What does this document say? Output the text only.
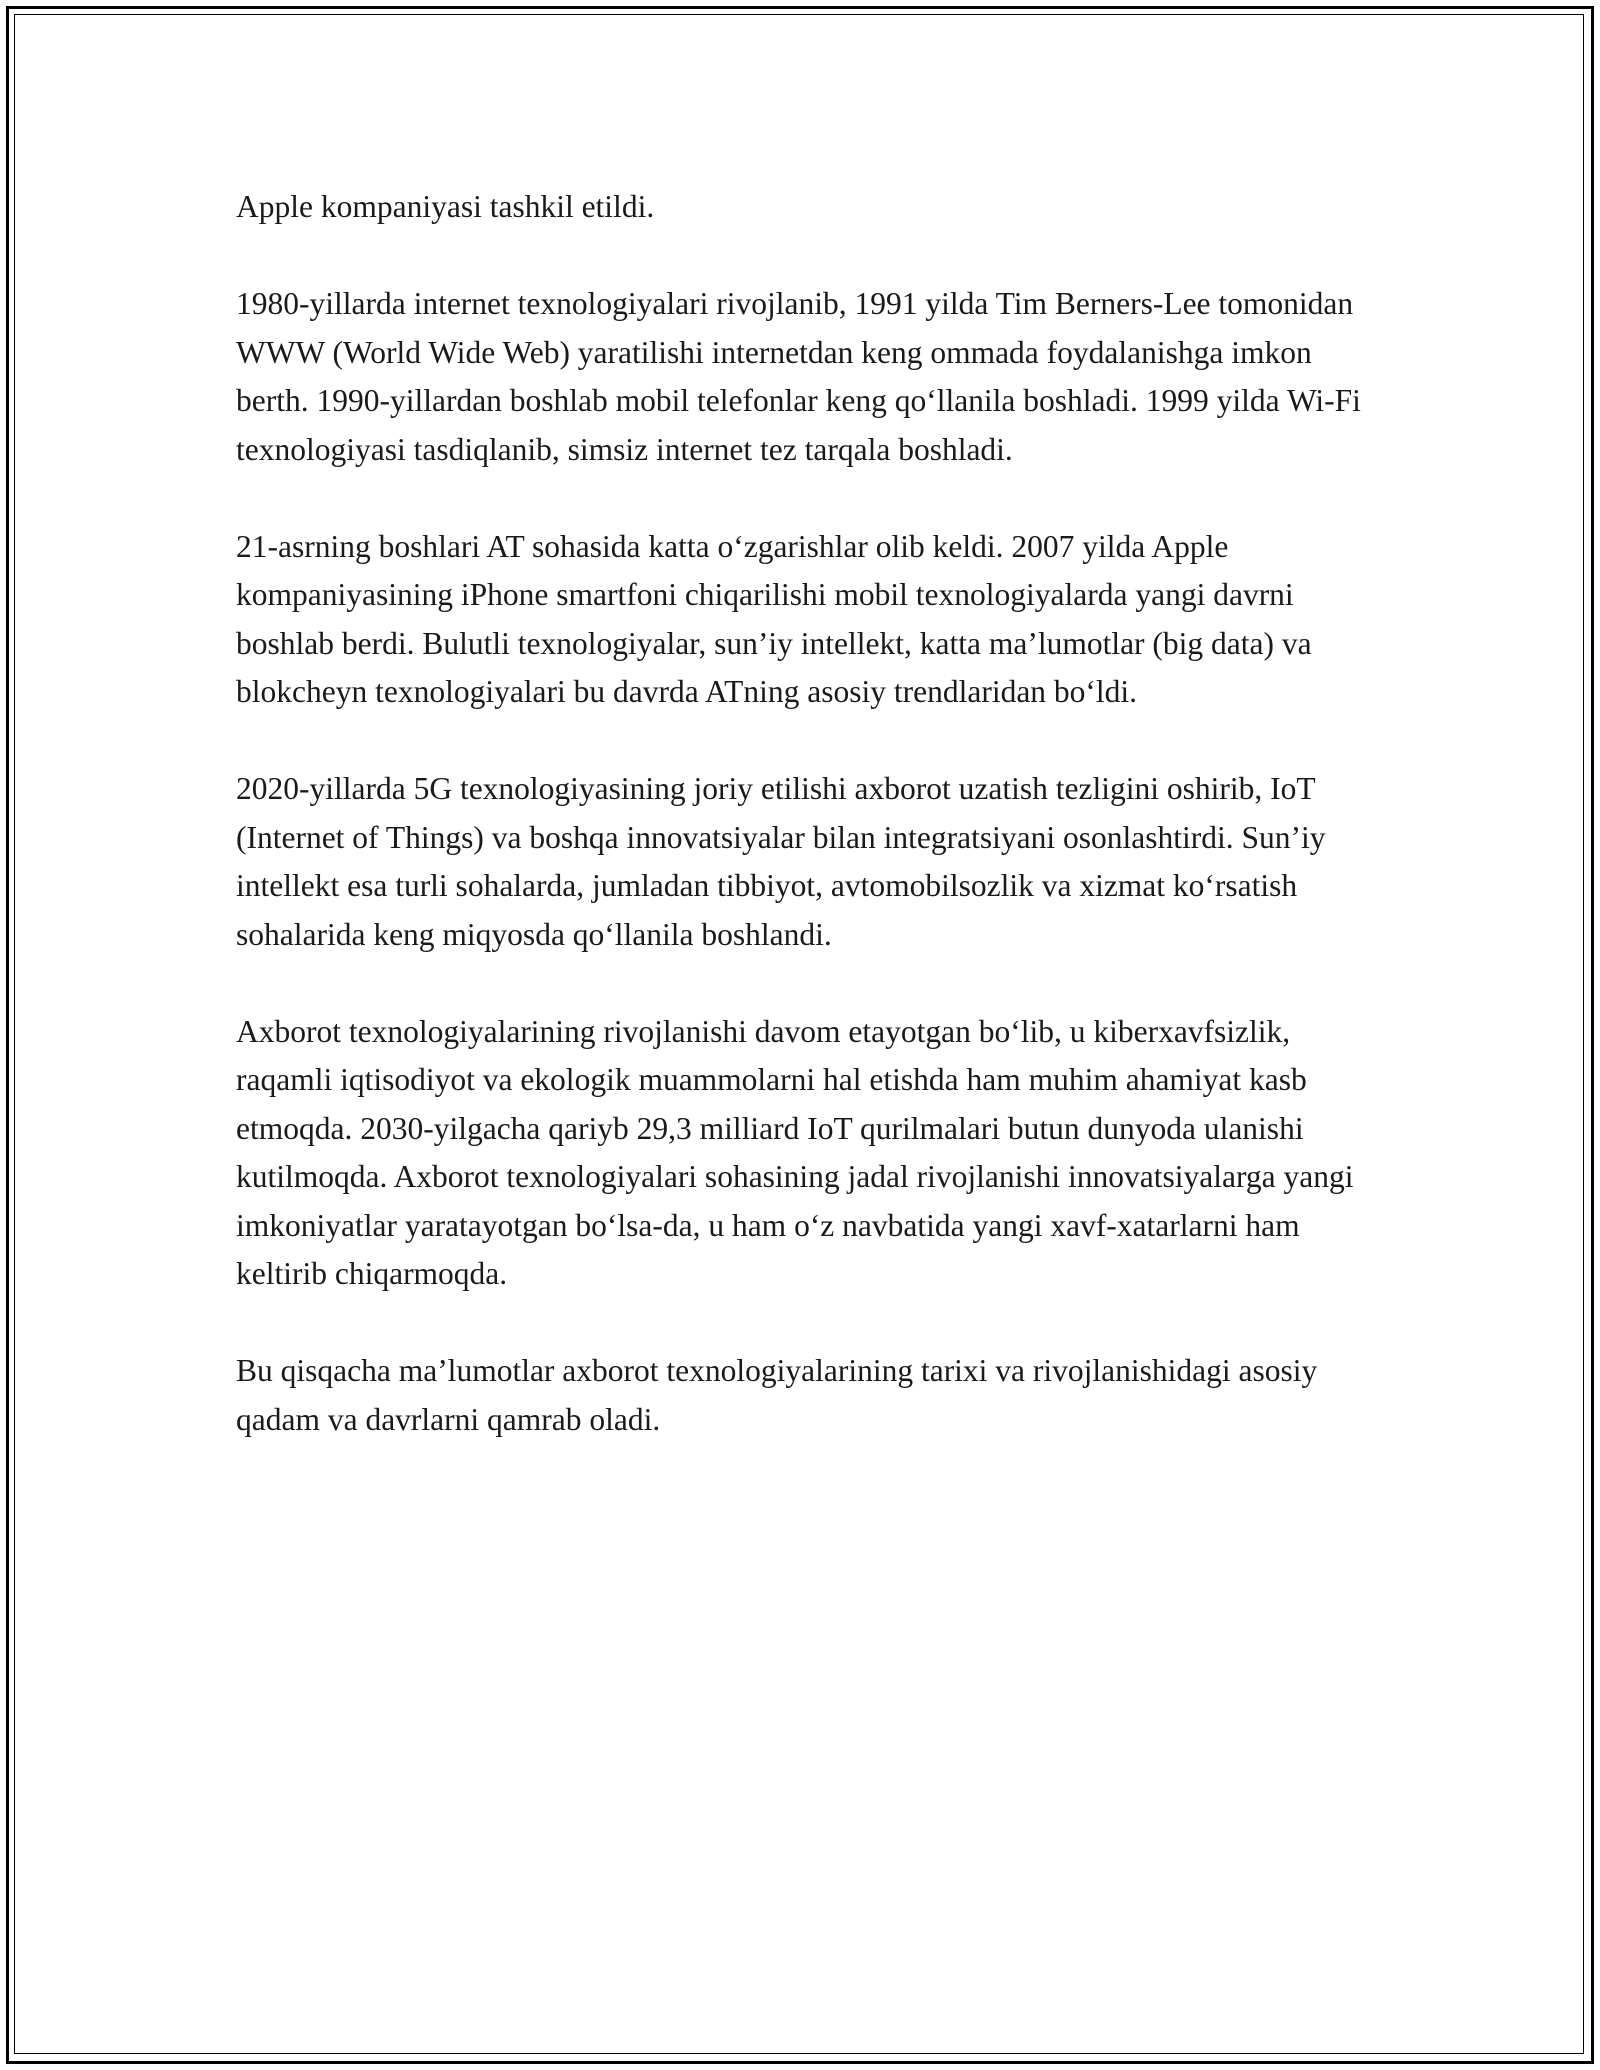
Apple kompaniyasi tashkil etildi.

1980-yillarda internet texnologiyalari rivojlanib, 1991 yilda Tim Berners-Lee tomonidan WWW (World Wide Web) yaratilishi internetdan keng ommada foydalanishga imkon berth. 1990-yillardan boshlab mobil telefonlar keng qo‘llanila boshladi. 1999 yilda Wi-Fi texnologiyasi tasdiqlanib, simsiz internet tez tarqala boshladi.

21-asrning boshlari AT sohasida katta o‘zgarishlar olib keldi. 2007 yilda Apple kompaniyasining iPhone smartfoni chiqarilishi mobil texnologiyalarda yangi davrni boshlab berdi. Bulutli texnologiyalar, sun’iy intellekt, katta ma’lumotlar (big data) va blokcheyn texnologiyalari bu davrda ATning asosiy trendlaridan bo‘ldi.

2020-yillarda 5G texnologiyasining joriy etilishi axborot uzatish tezligini oshirib, IoT (Internet of Things) va boshqa innovatsiyalar bilan integratsiyani osonlashtirdi. Sun’iy intellekt esa turli sohalarda, jumladan tibbiyot, avtomobilsozlik va xizmat ko‘rsatish sohalarida keng miqyosda qo‘llanila boshlandi.

Axborot texnologiyalarining rivojlanishi davom etayotgan bo‘lib, u kiberxavfsizlik, raqamli iqtisodiyot va ekologik muammolarni hal etishda ham muhim ahamiyat kasb etmoqda. 2030-yilgacha qariyb 29,3 milliard IoT qurilmalari butun dunyoda ulanishi kutilmoqda. Axborot texnologiyalari sohasining jadal rivojlanishi innovatsiyalarga yangi imkoniyatlar yaratayotgan bo‘lsa-da, u ham o‘z navbatida yangi xavf-xatarlarni ham keltirib chiqarmoqda.

Bu qisqacha ma’lumotlar axborot texnologiyalarining tarixi va rivojlanishidagi asosiy qadam va davrlarni qamrab oladi.
